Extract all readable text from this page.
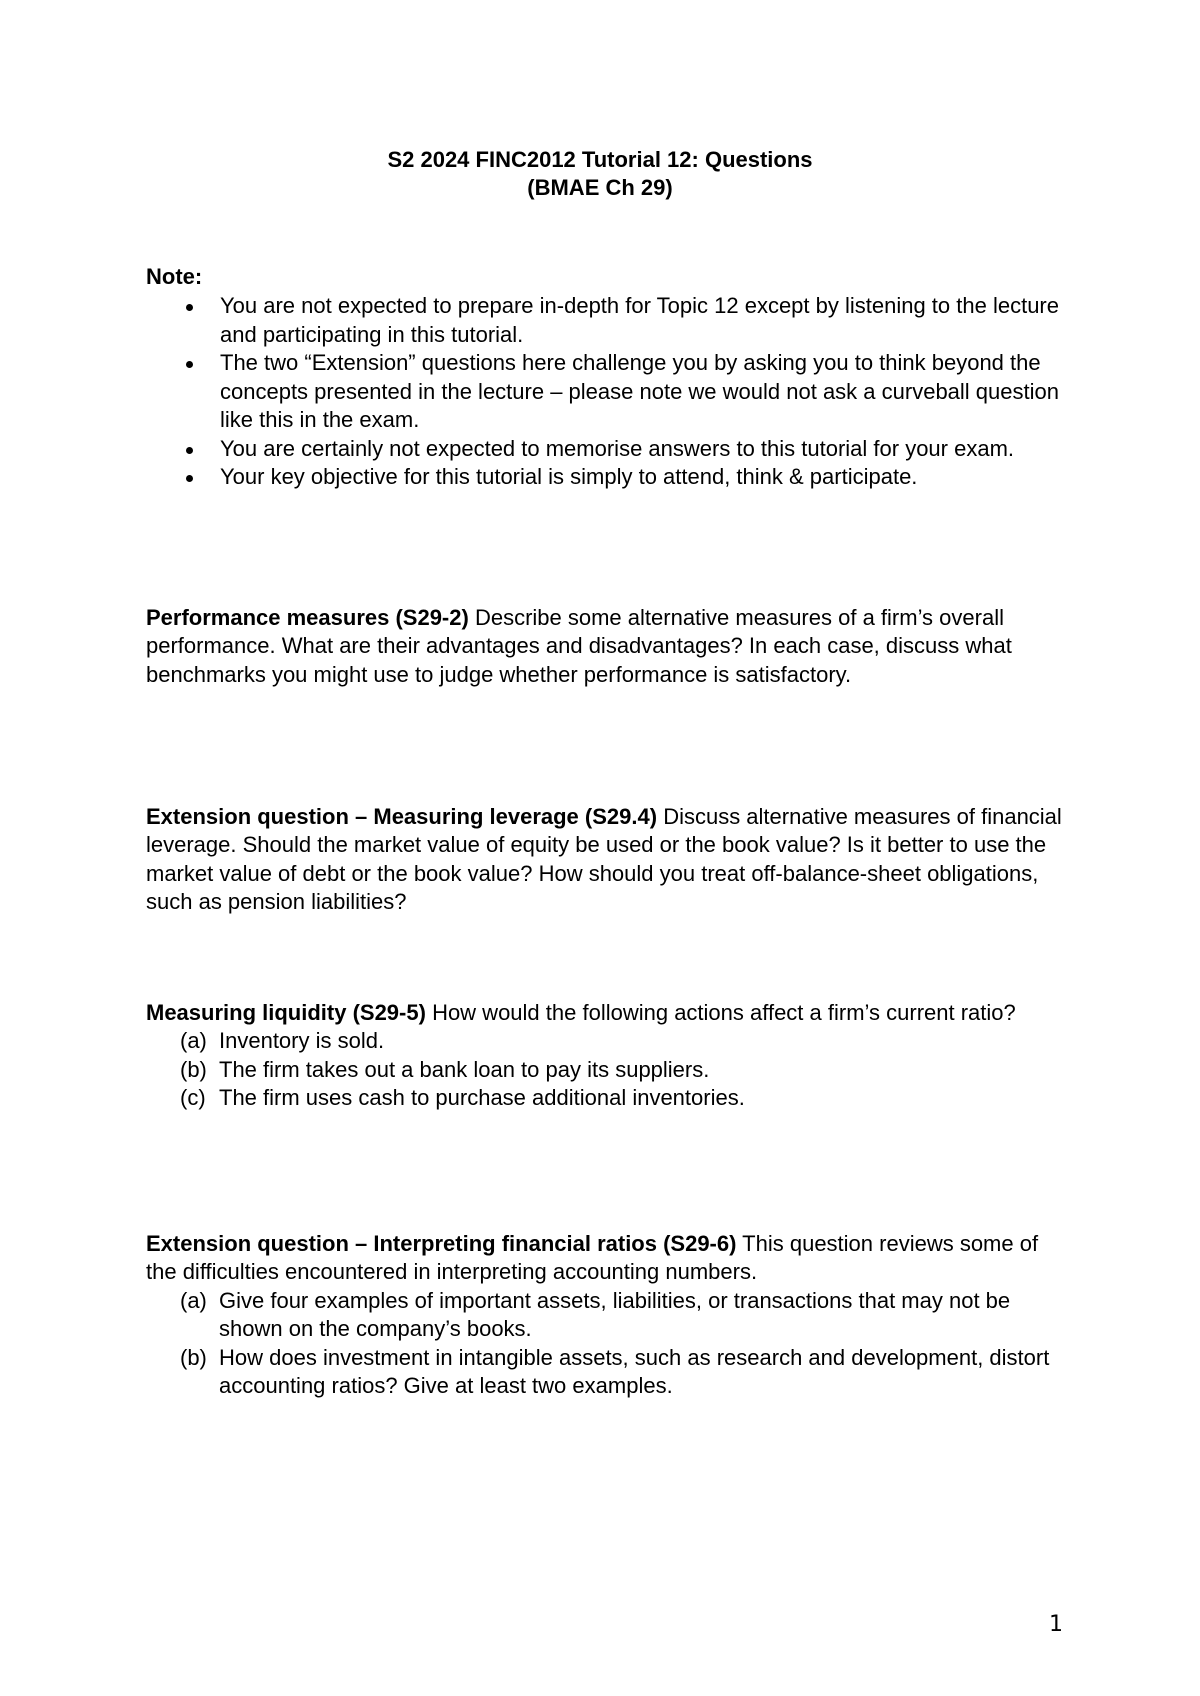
S2 2024 FINC2012 Tutorial 12: Questions
(BMAE Ch 29)
Note:
You are not expected to prepare in-depth for Topic 12 except by listening to the lecture and participating in this tutorial.
The two “Extension” questions here challenge you by asking you to think beyond the concepts presented in the lecture – please note we would not ask a curveball question like this in the exam.
You are certainly not expected to memorise answers to this tutorial for your exam.
Your key objective for this tutorial is simply to attend, think & participate.
Performance measures (S29-2) Describe some alternative measures of a firm’s overall performance. What are their advantages and disadvantages? In each case, discuss what benchmarks you might use to judge whether performance is satisfactory.
Extension question – Measuring leverage (S29.4) Discuss alternative measures of financial leverage. Should the market value of equity be used or the book value? Is it better to use the market value of debt or the book value? How should you treat off-balance-sheet obligations, such as pension liabilities?
Measuring liquidity (S29-5) How would the following actions affect a firm’s current ratio?
(a) Inventory is sold.
(b) The firm takes out a bank loan to pay its suppliers.
(c) The firm uses cash to purchase additional inventories.
Extension question – Interpreting financial ratios (S29-6) This question reviews some of the difficulties encountered in interpreting accounting numbers.
(a) Give four examples of important assets, liabilities, or transactions that may not be shown on the company’s books.
(b) How does investment in intangible assets, such as research and development, distort accounting ratios? Give at least two examples.
1
